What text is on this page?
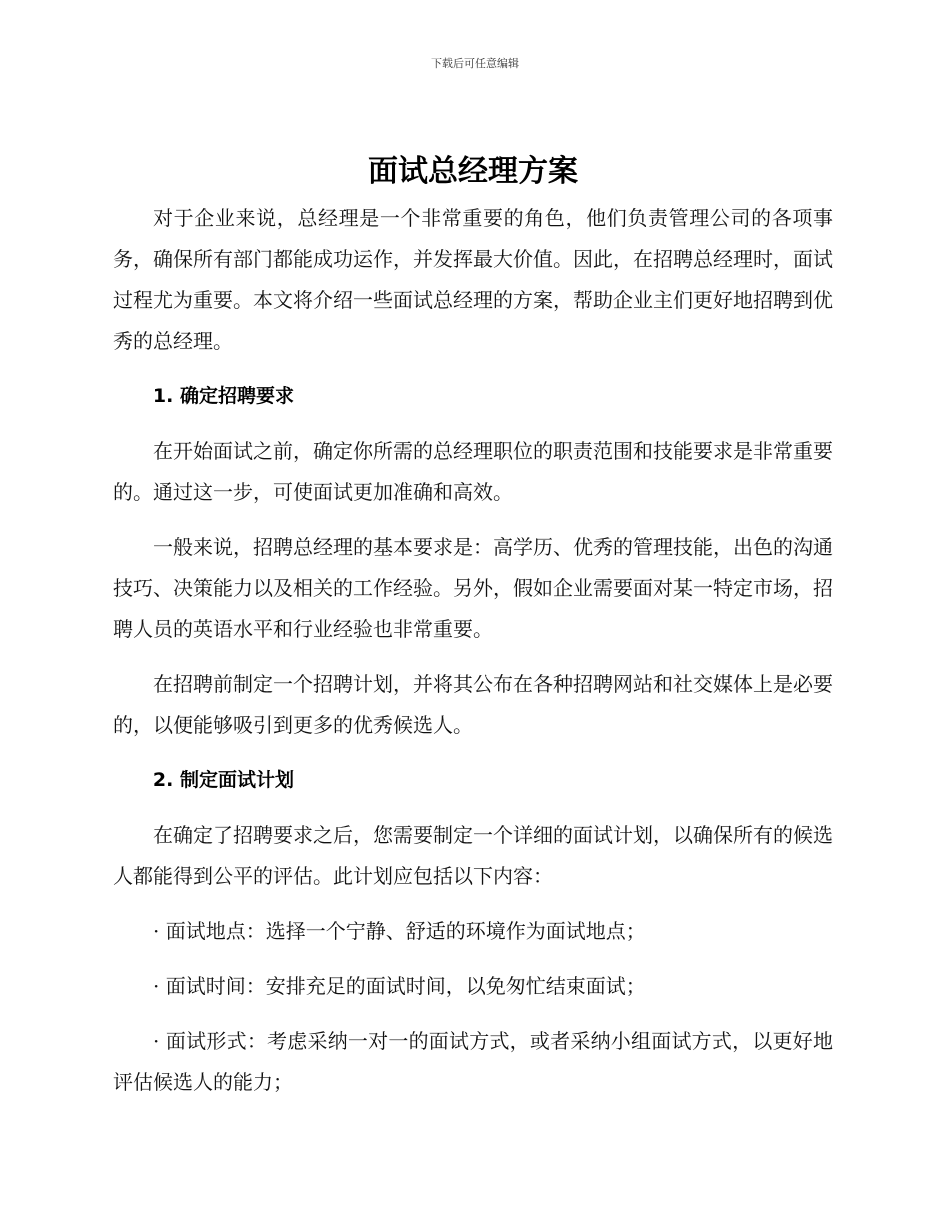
下载后可任意编辑
面试总经理方案

对于企业来说，总经理是一个非常重要的角色，他们负责管理公司的各项事务，确保所有部门都能成功运作，并发挥最大价值。因此，在招聘总经理时，面试过程尤为重要。本文将介绍一些面试总经理的方案，帮助企业主们更好地招聘到优秀的总经理。

1. 确定招聘要求

在开始面试之前，确定你所需的总经理职位的职责范围和技能要求是非常重要的。通过这一步，可使面试更加准确和高效。

一般来说，招聘总经理的基本要求是：高学历、优秀的管理技能，出色的沟通技巧、决策能力以及相关的工作经验。另外，假如企业需要面对某一特定市场，招聘人员的英语水平和行业经验也非常重要。

在招聘前制定一个招聘计划，并将其公布在各种招聘网站和社交媒体上是必要的，以便能够吸引到更多的优秀候选人。

2. 制定面试计划

在确定了招聘要求之后，您需要制定一个详细的面试计划，以确保所有的候选人都能得到公平的评估。此计划应包括以下内容：

· 面试地点：选择一个宁静、舒适的环境作为面试地点；

· 面试时间：安排充足的面试时间，以免匆忙结束面试；

· 面试形式：考虑采纳一对一的面试方式，或者采纳小组面试方式，以更好地评估候选人的能力；
